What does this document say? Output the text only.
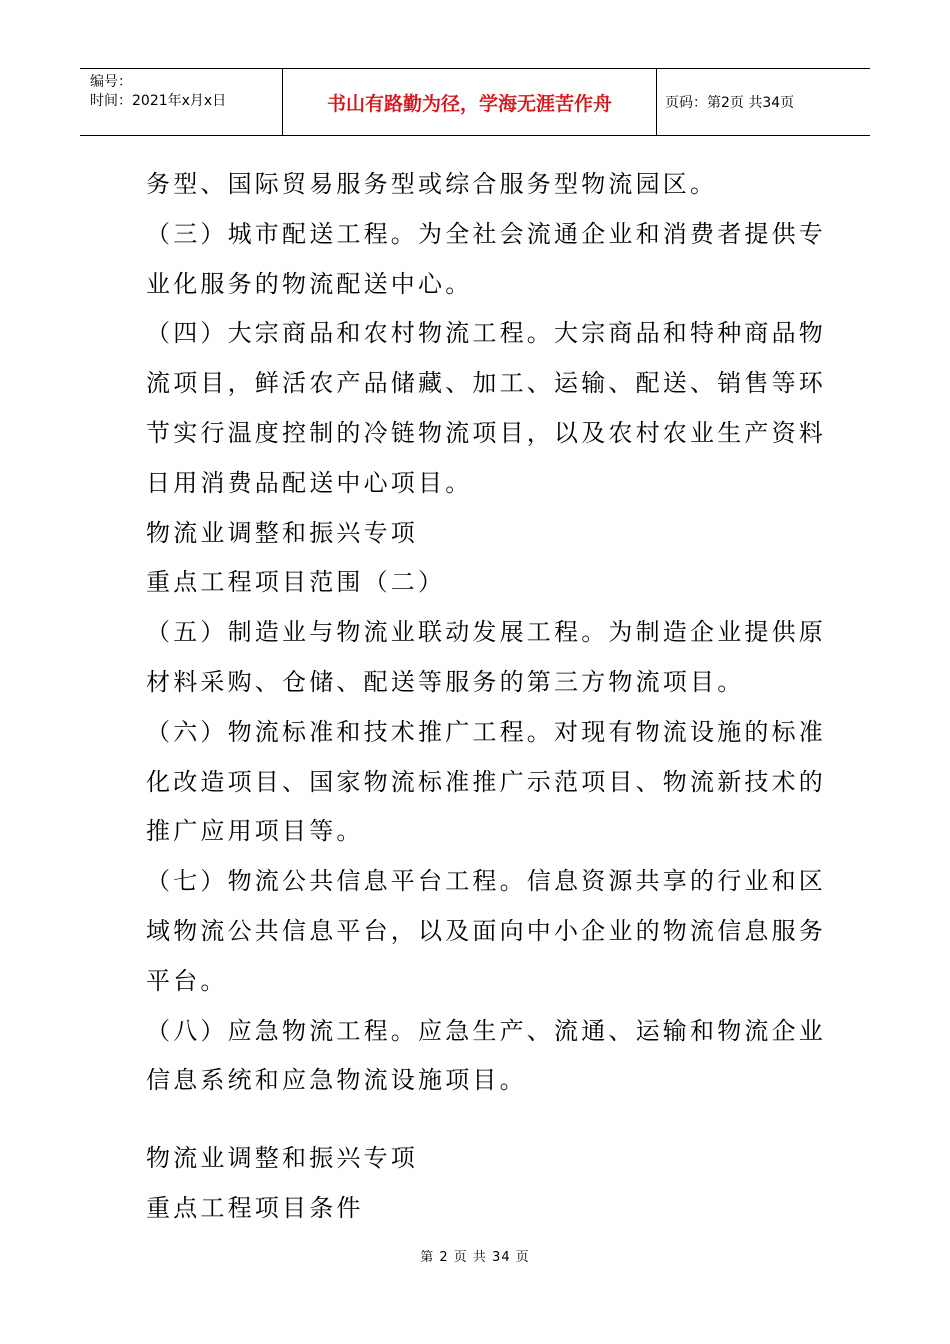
编号：
时间：2021年x月x日	书山有路勤为径，学海无涯苦作舟	页码：第2页 共34页
务型、国际贸易服务型或综合服务型物流园区。
（三）城市配送工程。为全社会流通企业和消费者提供专
业化服务的物流配送中心。
（四）大宗商品和农村物流工程。大宗商品和特种商品物
流项目，鲜活农产品储藏、加工、运输、配送、销售等环
节实行温度控制的冷链物流项目，以及农村农业生产资料
日用消费品配送中心项目。
物流业调整和振兴专项
重点工程项目范围（二）
（五）制造业与物流业联动发展工程。为制造企业提供原
材料采购、仓储、配送等服务的第三方物流项目。
（六）物流标准和技术推广工程。对现有物流设施的标准
化改造项目、国家物流标准推广示范项目、物流新技术的
推广应用项目等。
（七）物流公共信息平台工程。信息资源共享的行业和区
域物流公共信息平台，以及面向中小企业的物流信息服务
平台。
（八）应急物流工程。应急生产、流通、运输和物流企业
信息系统和应急物流设施项目。
物流业调整和振兴专项
重点工程项目条件
第 2 页 共 34 页
